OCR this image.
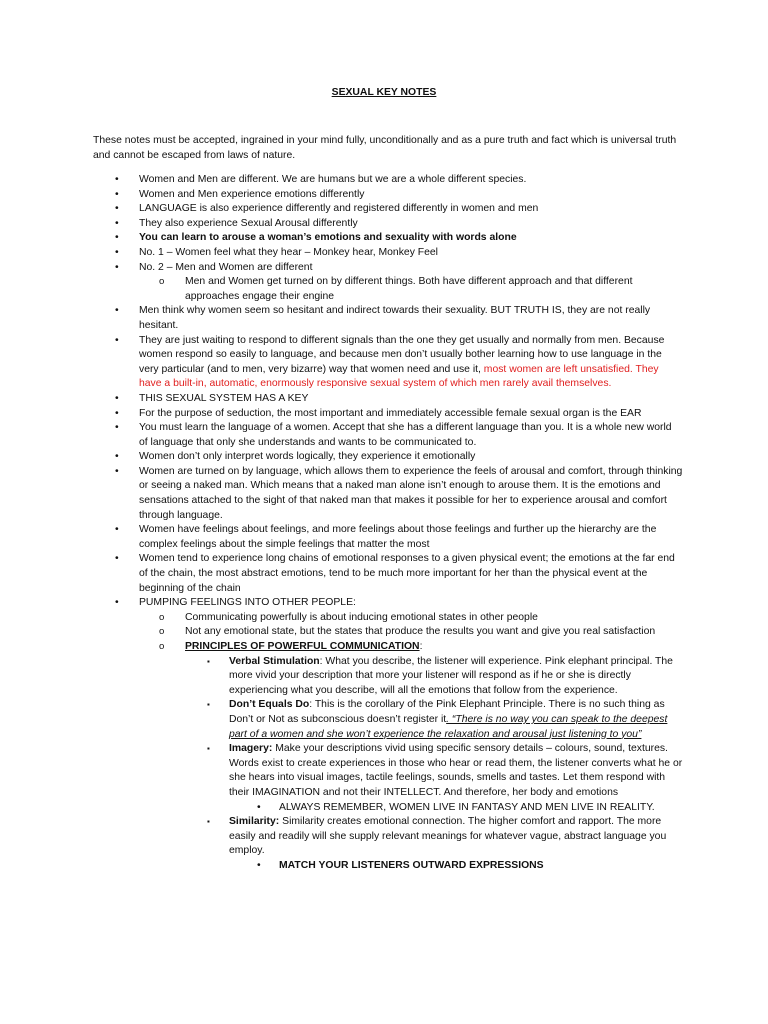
SEXUAL KEY NOTES
These notes must be accepted, ingrained in your mind fully, unconditionally and as a pure truth and fact which is universal truth and cannot be escaped from laws of nature.
• Women and Men are different. We are humans but we are a whole different species.
• Women and Men experience emotions differently
• LANGUAGE is also experience differently and registered differently in women and men
• They also experience Sexual Arousal differently
• You can learn to arouse a woman’s emotions and sexuality with words alone
• No. 1 – Women feel what they hear – Monkey hear, Monkey Feel
• No. 2 – Men and Women are different
o Men and Women get turned on by different things. Both have different approach and that different approaches engage their engine
• Men think why women seem so hesitant and indirect towards their sexuality. BUT TRUTH IS, they are not really hesitant.
• They are just waiting to respond to different signals than the one they get usually and normally from men. Because women respond so easily to language, and because men don’t usually bother learning how to use language in the very particular (and to men, very bizarre) way that women need and use it, most women are left unsatisfied. They have a built-in, automatic, enormously responsive sexual system of which men rarely avail themselves.
• THIS SEXUAL SYSTEM HAS A KEY
• For the purpose of seduction, the most important and immediately accessible female sexual organ is the EAR
• You must learn the language of a women. Accept that she has a different language than you. It is a whole new world of language that only she understands and wants to be communicated to.
• Women don’t only interpret words logically, they experience it emotionally
• Women are turned on by language, which allows them to experience the feels of arousal and comfort, through thinking or seeing a naked man. Which means that a naked man alone isn’t enough to arouse them. It is the emotions and sensations attached to the sight of that naked man that makes it possible for her to experience arousal and comfort through language.
• Women have feelings about feelings, and more feelings about those feelings and further up the hierarchy are the complex feelings about the simple feelings that matter the most
• Women tend to experience long chains of emotional responses to a given physical event; the emotions at the far end of the chain, the most abstract emotions, tend to be much more important for her than the physical event at the beginning of the chain
• PUMPING FEELINGS INTO OTHER PEOPLE:
o Communicating powerfully is about inducing emotional states in other people
o Not any emotional state, but the states that produce the results you want and give you real satisfaction
o PRINCIPLES OF POWERFUL COMMUNICATION:
▪ Verbal Stimulation: What you describe, the listener will experience. Pink elephant principal. The more vivid your description that more your listener will respond as if he or she is directly experiencing what you describe, will all the emotions that follow from the experience.
▪ Don’t Equals Do: This is the corollary of the Pink Elephant Principle. There is no such thing as Don’t or Not as subconscious doesn’t register it. “There is no way you can speak to the deepest part of a women and she won’t experience the relaxation and arousal just listening to you”
▪ Imagery: Make your descriptions vivid using specific sensory details – colours, sound, textures. Words exist to create experiences in those who hear or read them, the listener converts what he or she hears into visual images, tactile feelings, sounds, smells and tastes. Let them respond with their IMAGINATION and not their INTELLECT. And therefore, her body and emotions
• ALWAYS REMEMBER, WOMEN LIVE IN FANTASY AND MEN LIVE IN REALITY.
▪ Similarity: Similarity creates emotional connection. The higher comfort and rapport. The more easily and readily will she supply relevant meanings for whatever vague, abstract language you employ.
• MATCH YOUR LISTENERS OUTWARD EXPRESSIONS
